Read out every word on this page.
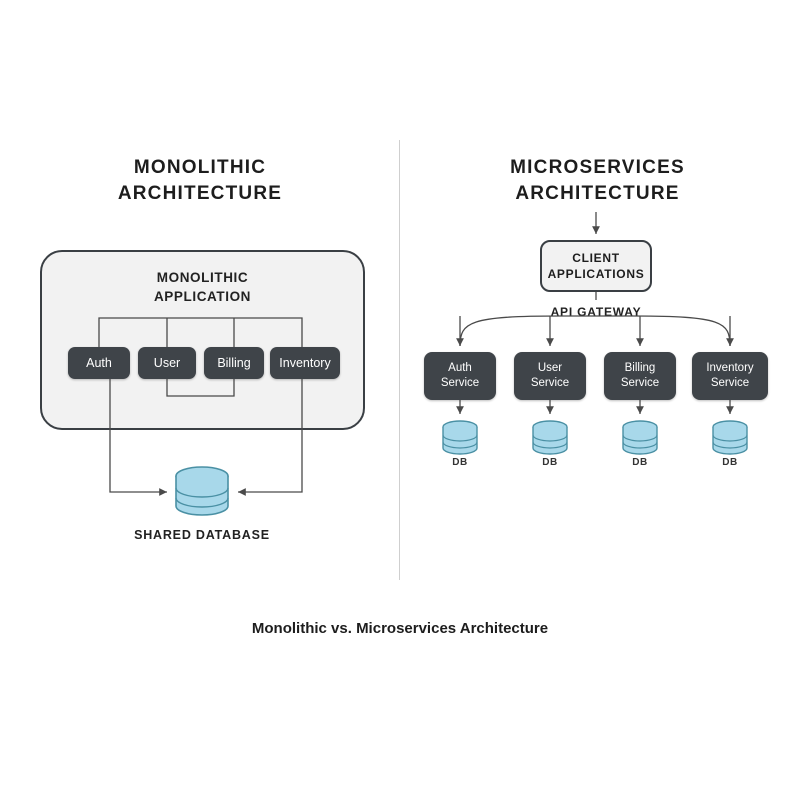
MONOLITHIC
ARCHITECTURE
MICROSERVICES
ARCHITECTURE
MONOLITHIC
APPLICATION
Auth	User	Billing Inventory
SHARED DATABASE
CLIENT
APPLICATIONS
API GATEWAY
Auth
Service
User
Service
Billing
Service
Inventory
Service
DB	DB	DB	DB
Monolithic vs. Microservices Architecture
